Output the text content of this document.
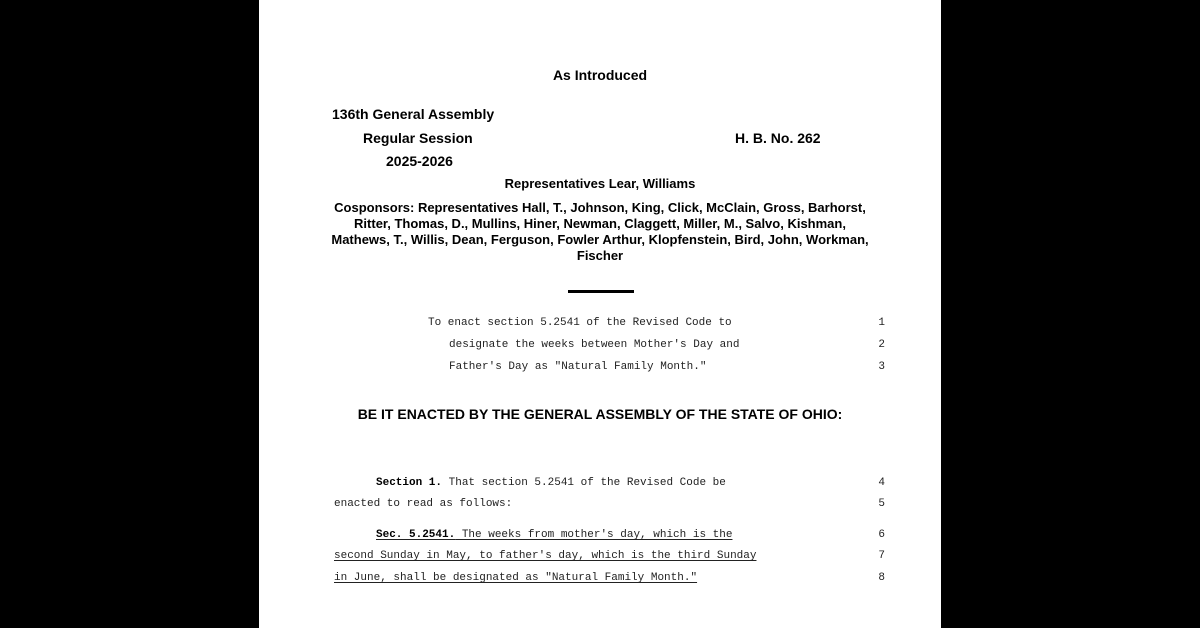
As Introduced
136th General Assembly
Regular Session
2025-2026
H. B. No. 262
Representatives Lear, Williams
Cosponsors: Representatives Hall, T., Johnson, King, Click, McClain, Gross, Barhorst, Ritter, Thomas, D., Mullins, Hiner, Newman, Claggett, Miller, M., Salvo, Kishman, Mathews, T., Willis, Dean, Ferguson, Fowler Arthur, Klopfenstein, Bird, John, Workman, Fischer
To enact section 5.2541 of the Revised Code to	1
designate the weeks between Mother's Day and	2
Father's Day as "Natural Family Month."	3
BE IT ENACTED BY THE GENERAL ASSEMBLY OF THE STATE OF OHIO:
Section 1. That section 5.2541 of the Revised Code be	4
enacted to read as follows:	5
Sec. 5.2541. The weeks from mother's day, which is the	6
second Sunday in May, to father's day, which is the third Sunday	7
in June, shall be designated as "Natural Family Month."	8
